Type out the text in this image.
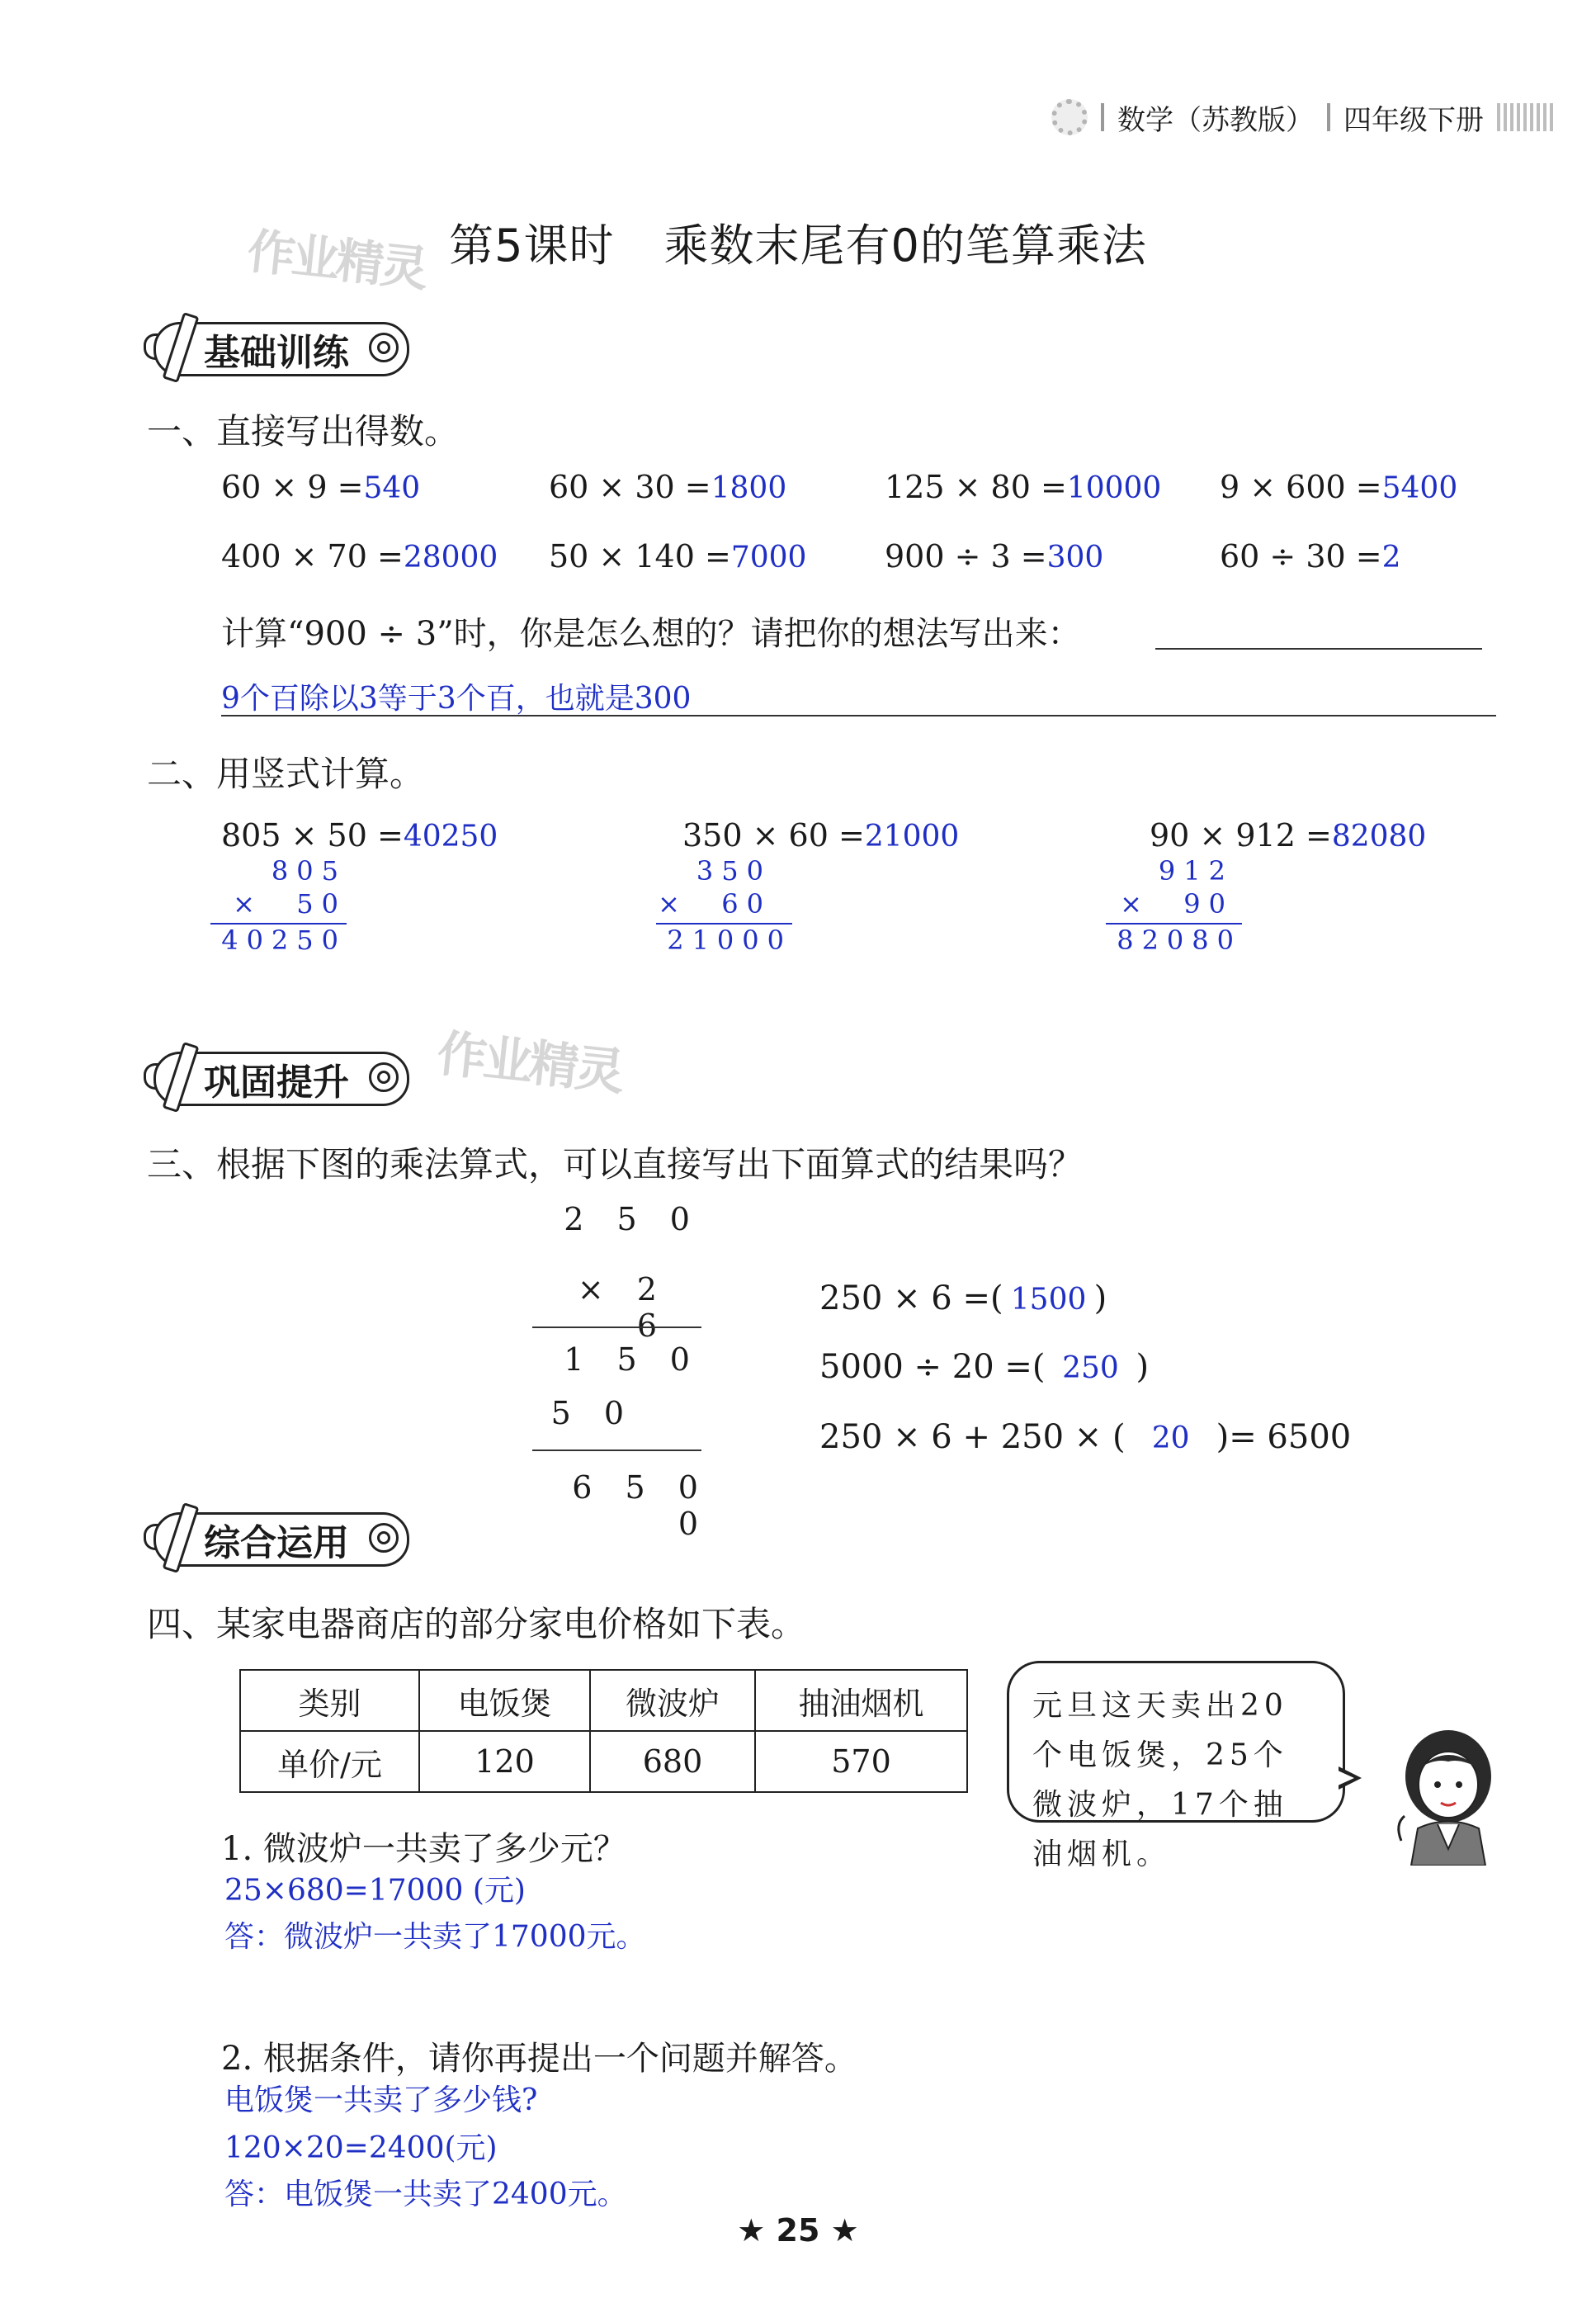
数学（苏教版） 四年级下册
作业精灵 第5课时 乘数末尾有0的笔算乘法
基础训练
一、直接写出得数。
60 × 9 =540	60 × 30 =1800	125 × 80 =10000 9 × 600 =5400
400 × 70 =28000 50 × 140 =7000 900 ÷ 3 =300	60 ÷ 30 =2
计算“900 ÷ 3”时，你是怎么想的？请把你的想法写出来：
9个百除以3等于3个百，也就是300
二、用竖式计算。
805 × 50 =40250
805
×  50
40250
350 × 60 =21000
350
×  60
21000
90 × 912 =82080
912
×  90
82080
作业精灵
巩固提升
三、根据下图的乘法算式，可以直接写出下面算式的结果吗？
2 5 0
× 2 6
1 5 0
5 0
6 5 0 0
250 × 6 =( 1500 )
5000 ÷ 20 =( 250 )
250 × 6 + 250 × ( 20 )= 6500
综合运用
四、某家电器商店的部分家电价格如下表。
类别	电饭煲	微波炉	抽油烟机
单价/元	120	680	570
元旦这天卖出20个电饭煲，25个微波炉，17个抽油烟机。
1. 微波炉一共卖了多少元？
25×680=17000 (元)
答：微波炉一共卖了17000元。
2. 根据条件，请你再提出一个问题并解答。
电饭煲一共卖了多少钱?
120×20=2400(元)
答：电饭煲一共卖了2400元。
★ 25 ★
